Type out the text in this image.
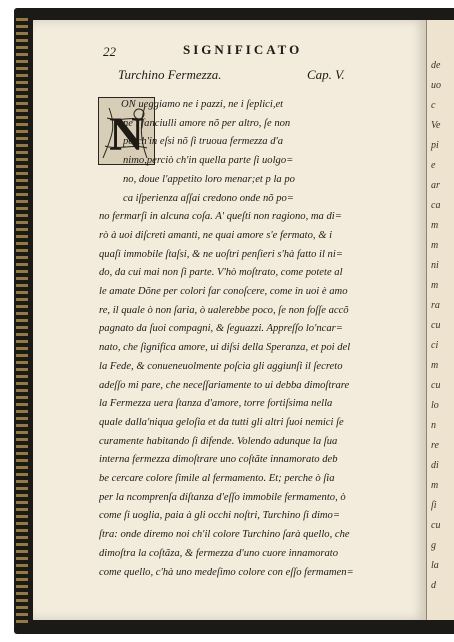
de
uo
c
Ve
pi
e
ar
ca
m
m
ni
m
ra
cu
ci
m
cu
lo
n
re
di
m
ſi
cu
g
la
d
22	SIGNIFICATO
Turchino Fermezza.	Cap. V.
N
ON ueggiamo ne i pazzi, ne i ſeplici,et
ne i fanciulli amore nõ per altro, ſe non
perch'in eſsi nõ ſi truoua fermezza d'a
nimo,perciò ch'in quella parte ſi uolgo=
no, doue l'appetito loro menar;et p la po
ca iſperienza aſſai credono onde nõ po=
no fermarſi in alcuna coſa. A' queſti non ragiono, ma di=
rò à uoi diſcreti amanti, ne quai amore s'e fermato, & i
quaſi immobile ſtaſsi, & ne uoſtri penſieri s'hà fatto il ni=
do, da cui mai non ſi parte. V'hò moſtrato, come potete al
le amate Dõne per colori far conoſcere, come in uoi è amo
re, il quale ò non ſaria, ò ualerebbe poco, ſe non foſſe accõ
pagnato da ſuoi compagni, & ſeguazzi. Appreſſo lo'ncar=
nato, che ſignifica amore, ui diſsi della Speranza, et poi del
la Fede, & conueneuolmente poſcia gli aggiunſi il ſecreto
adeſſo mi pare, che neceſſariamente to ui debba dimoſtrare
la Fermezza uera ſtanza d'amore, torre fortiſsima nella
quale dalla'niqua geloſia et da tutti gli altri ſuoi nemici ſe
curamente habitando ſi difende. Volendo adunque la ſua
interna fermezza dimoſtrare uno coſtãte innamorato deb
be cercare colore ſimile al fermamento. Et; perche ò ſia
per la ncomprenſa diſtanza d'eſſo immobile fermamento, ò
come ſi uoglia, paia à gli occhi noſtri, Turchino ſi dimo=
ſtra: onde diremo noi ch'il colore Turchino ſarà quello, che
dimoſtra la coſtãza, & fermezza d'uno cuore innamorato
come quello, c'hà uno medeſimo colore con eſſo fermamen=
